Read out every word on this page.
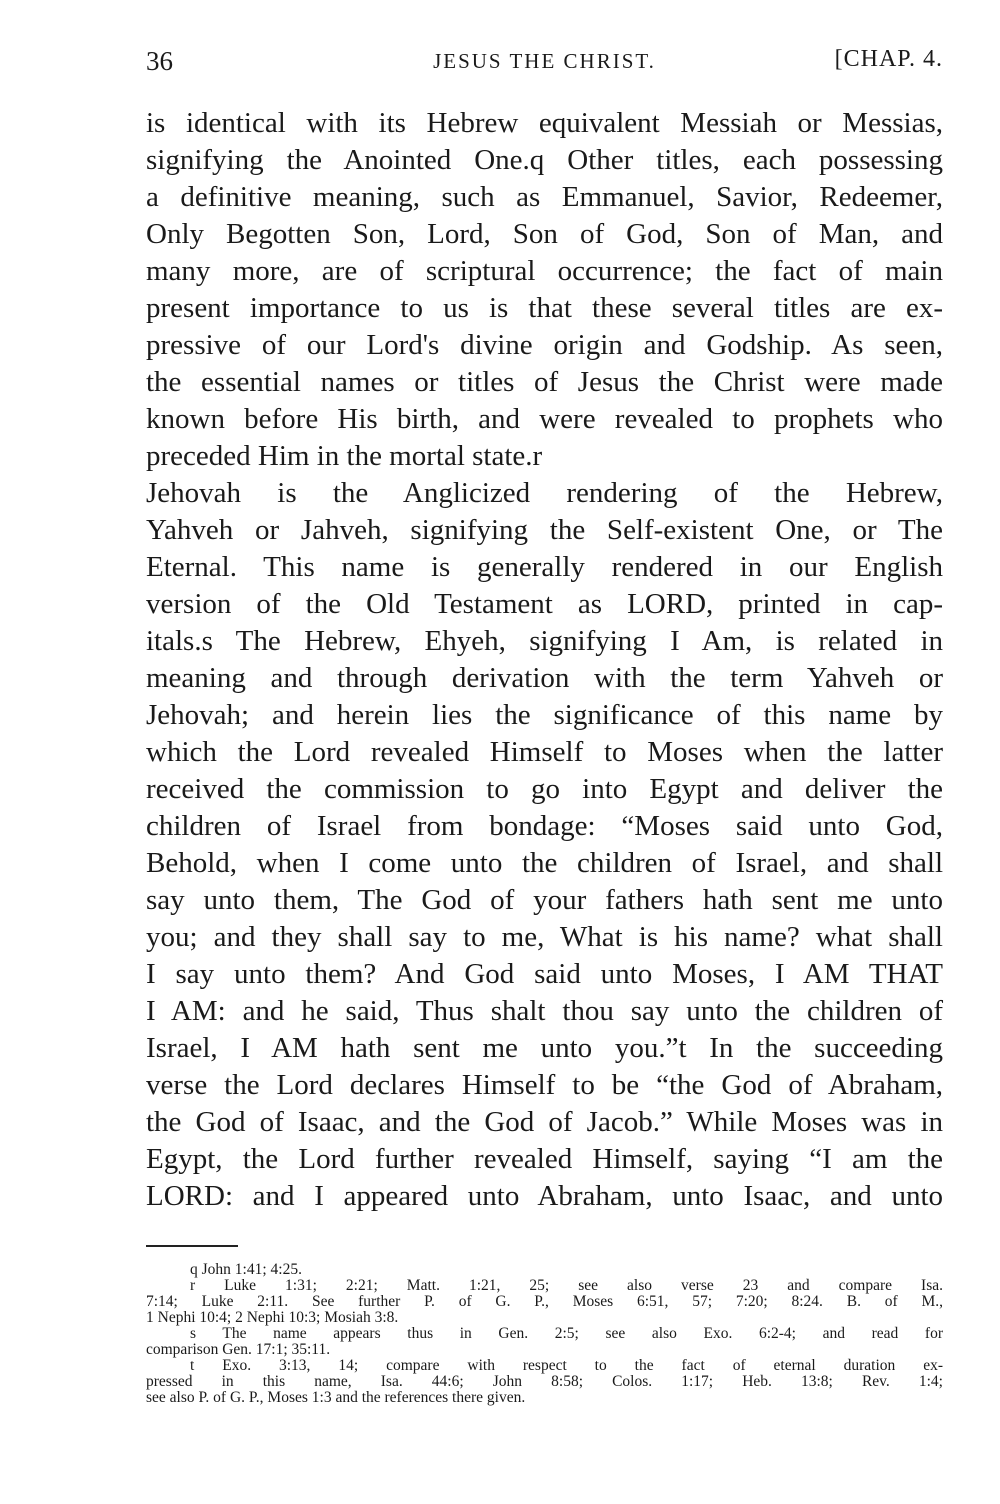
36	JESUS THE CHRIST.	[CHAP. 4.
is identical with its Hebrew equivalent Messiah or Messias,
signifying the Anointed One.q Other titles, each possessing
a definitive meaning, such as Emmanuel, Savior, Redeemer,
Only Begotten Son, Lord, Son of God, Son of Man, and
many more, are of scriptural occurrence; the fact of main
present importance to us is that these several titles are ex-
pressive of our Lord's divine origin and Godship. As seen,
the essential names or titles of Jesus the Christ were made
known before His birth, and were revealed to prophets who
preceded Him in the mortal state.r
Jehovah is the Anglicized rendering of the Hebrew,
Yahveh or Jahveh, signifying the Self-existent One, or The
Eternal. This name is generally rendered in our English
version of the Old Testament as LORD, printed in cap-
itals.s The Hebrew, Ehyeh, signifying I Am, is related in
meaning and through derivation with the term Yahveh or
Jehovah; and herein lies the significance of this name by
which the Lord revealed Himself to Moses when the latter
received the commission to go into Egypt and deliver the
children of Israel from bondage: “Moses said unto God,
Behold, when I come unto the children of Israel, and shall
say unto them, The God of your fathers hath sent me unto
you; and they shall say to me, What is his name? what shall
I say unto them? And God said unto Moses, I AM THAT
I AM: and he said, Thus shalt thou say unto the children of
Israel, I AM hath sent me unto you.”t In the succeeding
verse the Lord declares Himself to be “the God of Abraham,
the God of Isaac, and the God of Jacob.” While Moses was in
Egypt, the Lord further revealed Himself, saying “I am the
LORD: and I appeared unto Abraham, unto Isaac, and unto
q John 1:41; 4:25.
r Luke 1:31; 2:21; Matt. 1:21, 25; see also verse 23 and compare Isa.
7:14; Luke 2:11. See further P. of G. P., Moses 6:51, 57; 7:20; 8:24. B. of M.,
1 Nephi 10:4; 2 Nephi 10:3; Mosiah 3:8.
s The name appears thus in Gen. 2:5; see also Exo. 6:2-4; and read for
comparison Gen. 17:1; 35:11.
t Exo. 3:13, 14; compare with respect to the fact of eternal duration ex-
pressed in this name, Isa. 44:6; John 8:58; Colos. 1:17; Heb. 13:8; Rev. 1:4;
see also P. of G. P., Moses 1:3 and the references there given.
